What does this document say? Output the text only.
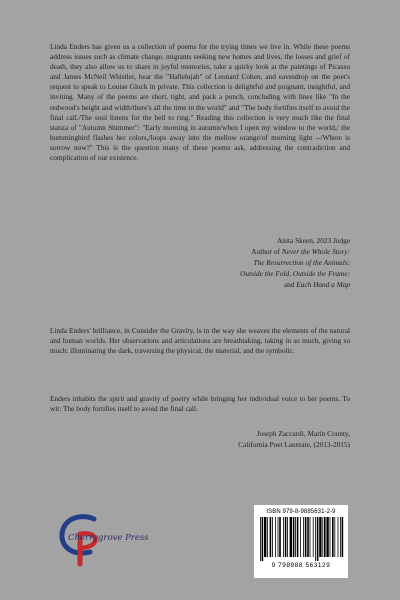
Linda Enders has given us a collection of poems for the trying times we live in. While these poems address issues such as climate change, migrants seeking new homes and lives, the losses and grief of death, they also allow us to share in joyful memories, take a quirky look at the paintings of Picasso and James McNeil Whistler, hear the "Hallelujah" of Leonard Cohen, and eavesdrop on the poet's request to speak to Louise Gluck in private. This collection is delightful and poignant, insightful, and inviting. Many of the poems are short, tight, and pack a punch, concluding with lines like "In the redwood's height and width/there's all the time in the world" and "The body fortifies itself to avoid the final call./The soul listens for the bell to ring." Reading this collection is very much like the final stanza of "Autumn Shimmer": "Early morning in autumn/when I open my window to the world,/ the hummingbird flashes her colors,/loops away into the mellow orange/of morning light --/Where is sorrow now?" This is the question many of these poems ask, addressing the contradiction and complication of our existence.

Anita Skeen, 2023 Judge
Author of Never the Whole Story:
The Resurrection of the Animals:
Outside the Fold, Outside the Frame:
and Each Hand a Map

Linda Enders' brilliance, in Consider the Gravity, is in the way she weaves the elements of the natural and human worlds. Her observations and articulations are breathtaking, taking in so much, giving so much: illuminating the dark, traversing the physical, the material, and the symbolic.

Enders inhabits the spirit and gravity of poetry while bringing her individual voice to her poems. To wit: The body fortifies itself to avoid the final call.

Joseph Zaccardi, Marin County,
California Poet Laureate, (2013-2015)
Cherrygrove Press
ISBN 979-8-9885631-2-9
9 798988 563129
